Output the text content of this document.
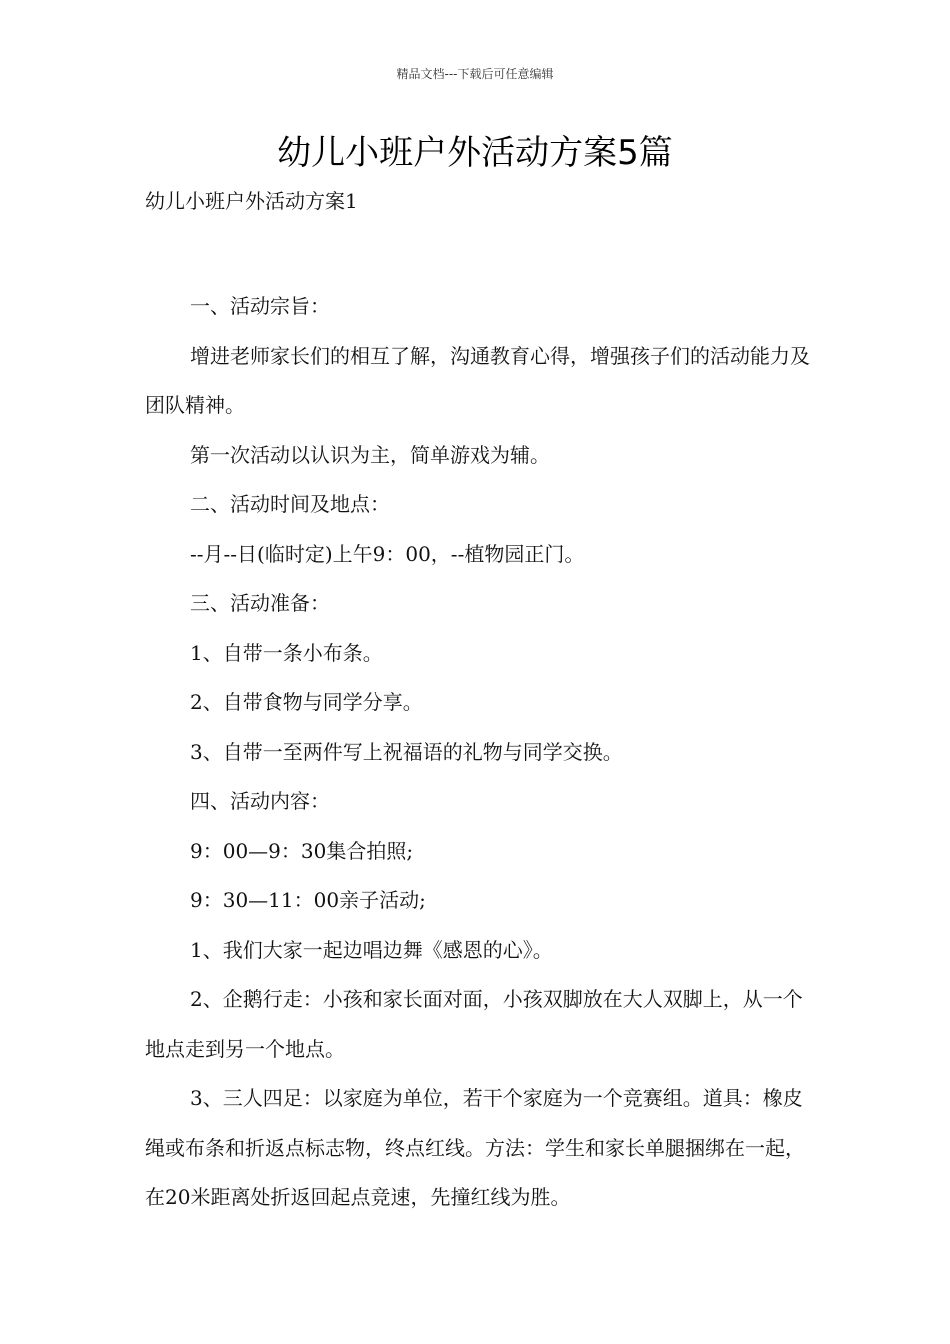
精品文档---下载后可任意编辑
幼儿小班户外活动方案5篇

幼儿小班户外活动方案1

一、活动宗旨：

增进老师家长们的相互了解，沟通教育心得，增强孩子们的活动能力及团队精神。

第一次活动以认识为主，简单游戏为辅。

二、活动时间及地点：

--月--日(临时定)上午9：00，--植物园正门。

三、活动准备：

1、自带一条小布条。

2、自带食物与同学分享。

3、自带一至两件写上祝福语的礼物与同学交换。

四、活动内容：

9：00—9：30集合拍照;

9：30—11：00亲子活动;

1、我们大家一起边唱边舞《感恩的心》。

2、企鹅行走：小孩和家长面对面，小孩双脚放在大人双脚上，从一个地点走到另一个地点。

3、三人四足：以家庭为单位，若干个家庭为一个竞赛组。道具：橡皮绳或布条和折返点标志物，终点红线。方法：学生和家长单腿捆绑在一起，在20米距离处折返回起点竞速，先撞红线为胜。
